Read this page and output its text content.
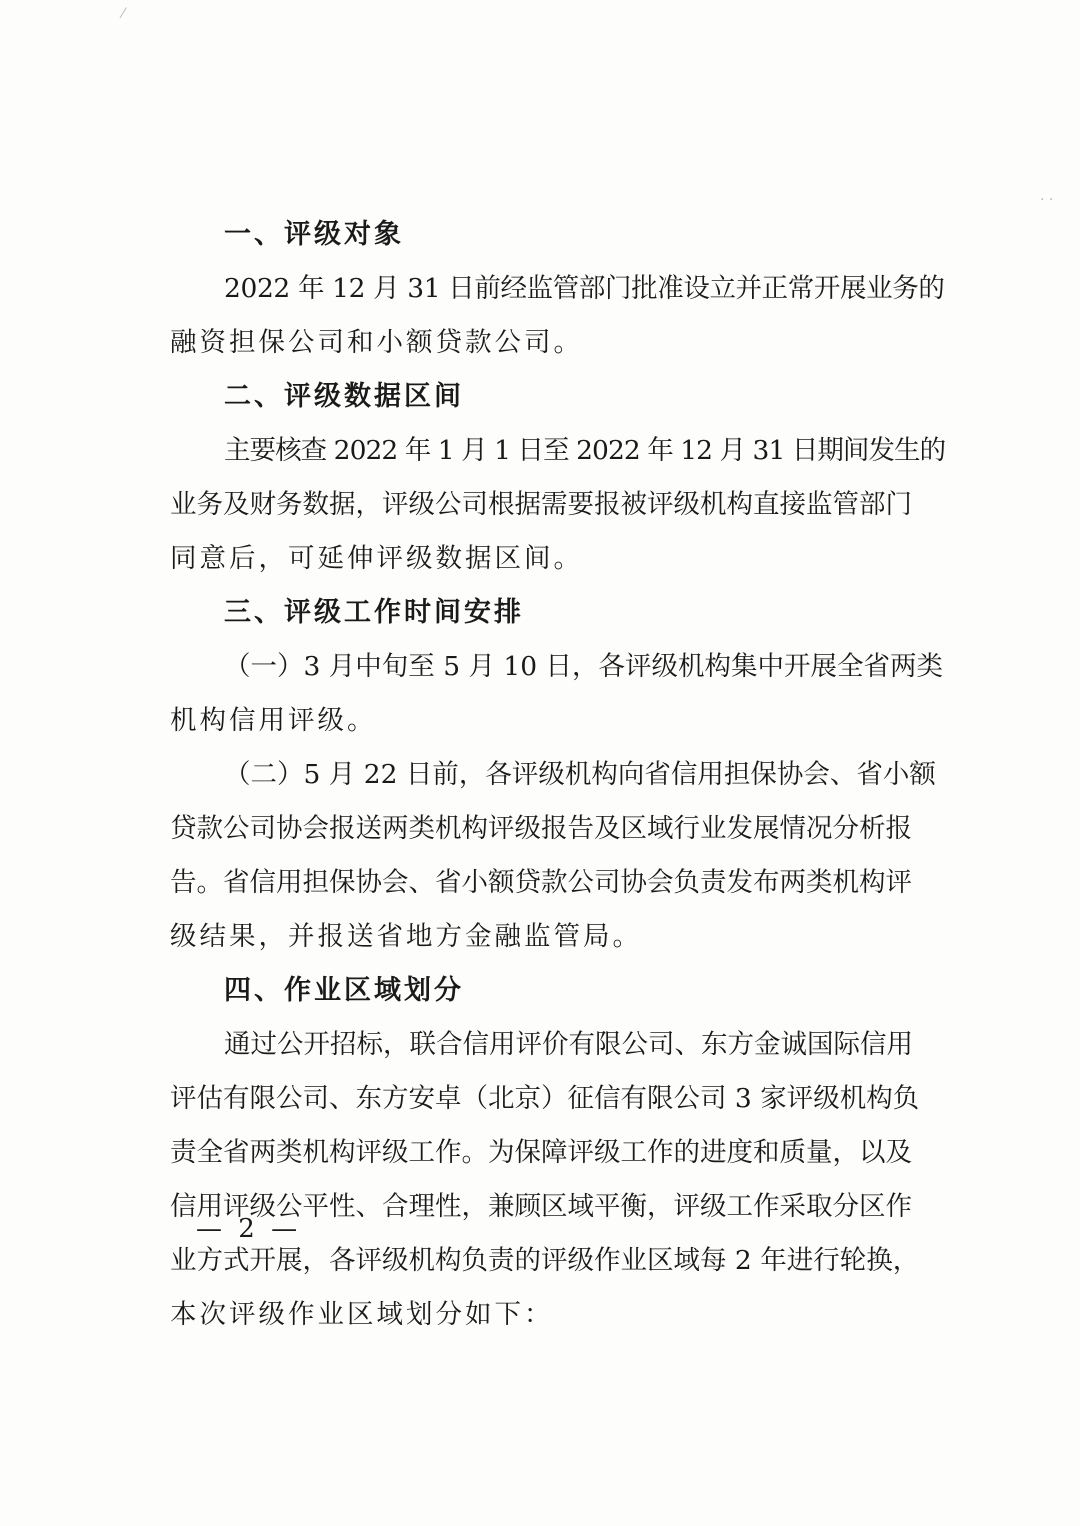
⁄
· ·

一、评级对象

2022 年 12 月 31 日前经监管部门批准设立并正常开展业务的
融资担保公司和小额贷款公司。

二、评级数据区间

主要核查 2022 年 1 月 1 日至 2022 年 12 月 31 日期间发生的
业务及财务数据，评级公司根据需要报被评级机构直接监管部门
同意后，可延伸评级数据区间。

三、评级工作时间安排

（一）3 月中旬至 5 月 10 日，各评级机构集中开展全省两类
机构信用评级。

（二）5 月 22 日前，各评级机构向省信用担保协会、省小额
贷款公司协会报送两类机构评级报告及区域行业发展情况分析报
告。省信用担保协会、省小额贷款公司协会负责发布两类机构评
级结果，并报送省地方金融监管局。

四、作业区域划分

通过公开招标，联合信用评价有限公司、东方金诚国际信用
评估有限公司、东方安卓（北京）征信有限公司 3 家评级机构负
责全省两类机构评级工作。为保障评级工作的进度和质量，以及
信用评级公平性、合理性，兼顾区域平衡，评级工作采取分区作
业方式开展，各评级机构负责的评级作业区域每 2 年进行轮换，
本次评级作业区域划分如下：

— 2 —
